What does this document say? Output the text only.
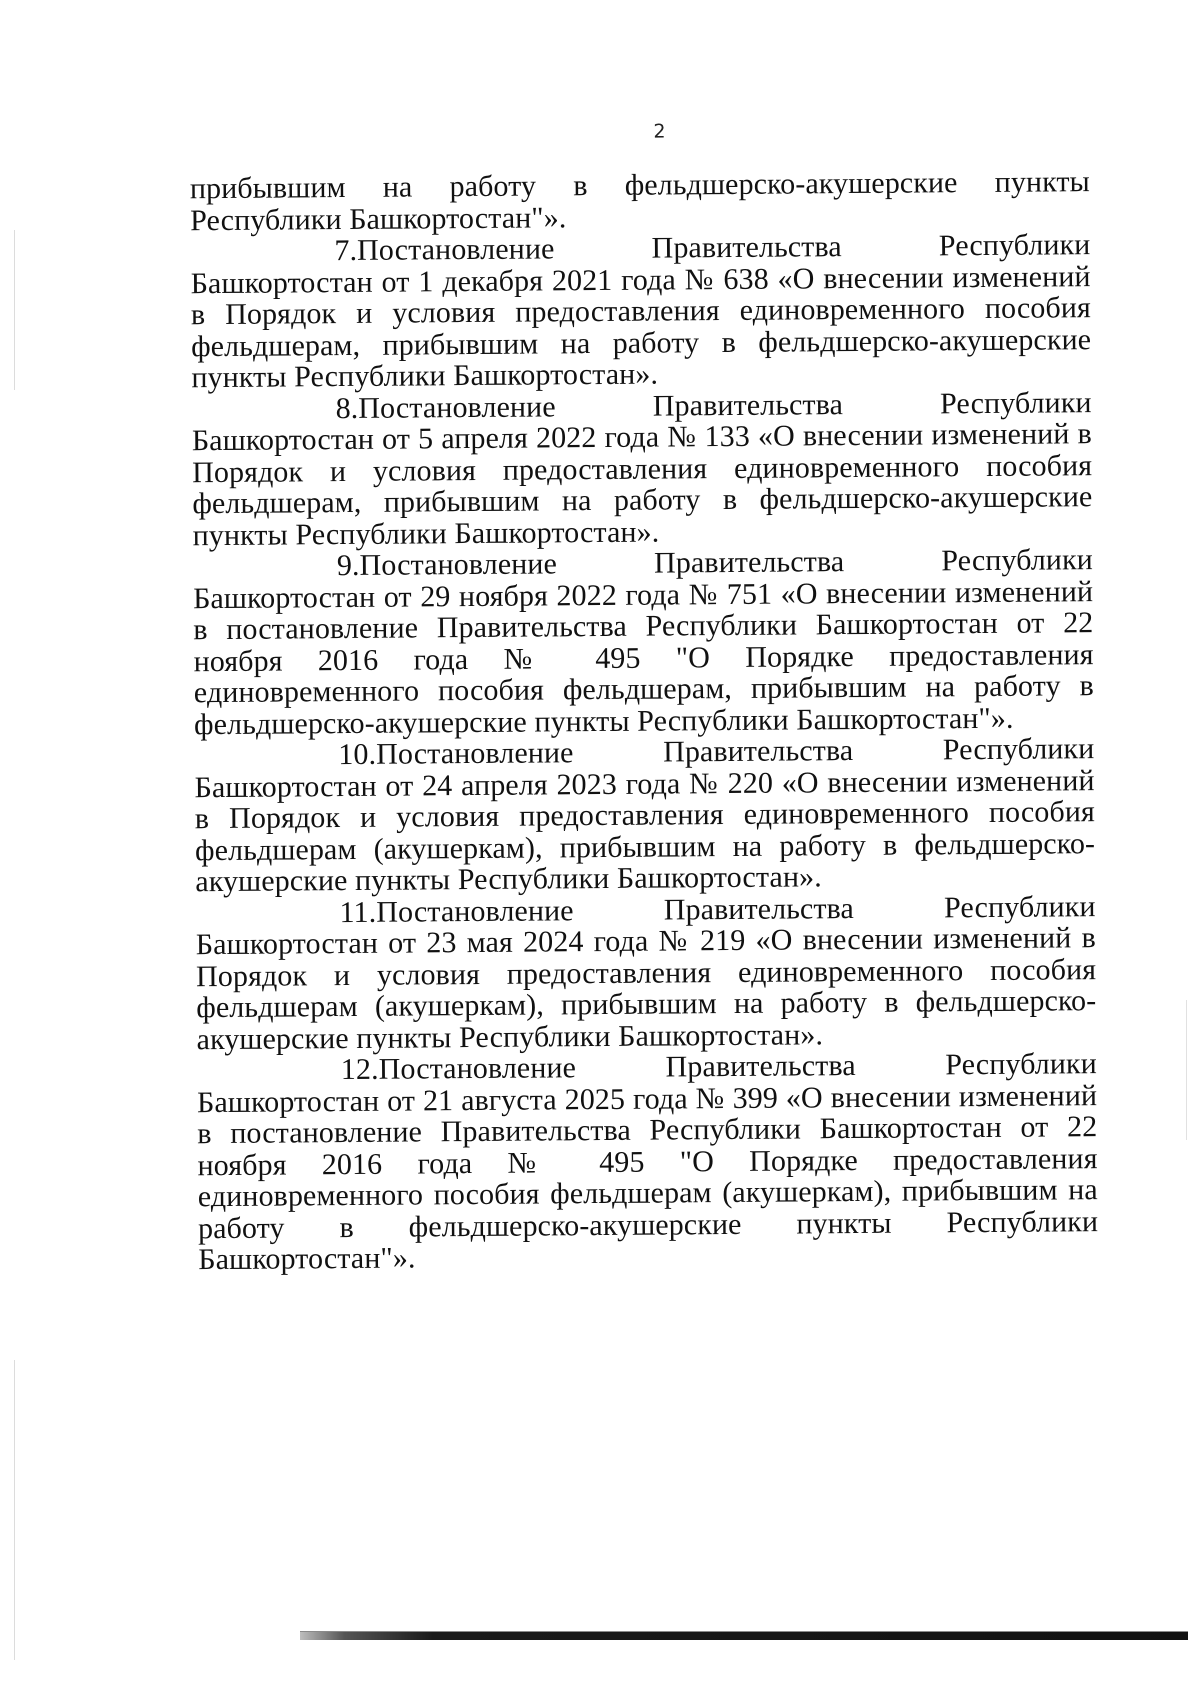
2

прибывшим на работу в фельдшерско-акушерские пункты Республики Башкортостан"».

7.Постановление Правительства Республики Башкортостан от 1 декабря 2021 года № 638 «О внесении изменений в Порядок и условия предоставления единовременного пособия фельдшерам, прибывшим на работу в фельдшерско-акушерские пункты Республики Башкортостан».

8.Постановление Правительства Республики Башкортостан от 5 апреля 2022 года № 133 «О внесении изменений в Порядок и условия предоставления единовременного пособия фельдшерам, прибывшим на работу в фельдшерско-акушерские пункты Республики Башкортостан».

9.Постановление Правительства Республики Башкортостан от 29 ноября 2022 года № 751 «О внесении изменений в постановление Правительства Республики Башкортостан от 22 ноября 2016 года № 495 "О Порядке предоставления единовременного пособия фельдшерам, прибывшим на работу в фельдшерско-акушерские пункты Республики Башкортостан"».

10.Постановление Правительства Республики Башкортостан от 24 апреля 2023 года № 220 «О внесении изменений в Порядок и условия предоставления единовременного пособия фельдшерам (акушеркам), прибывшим на работу в фельдшерско-акушерские пункты Республики Башкортостан».

11.Постановление Правительства Республики Башкортостан от 23 мая 2024 года № 219 «О внесении изменений в Порядок и условия предоставления единовременного пособия фельдшерам (акушеркам), прибывшим на работу в фельдшерско-акушерские пункты Республики Башкортостан».

12.Постановление Правительства Республики Башкортостан от 21 августа 2025 года № 399 «О внесении изменений в постановление Правительства Республики Башкортостан от 22 ноября 2016 года № 495 "О Порядке предоставления единовременного пособия фельдшерам (акушеркам), прибывшим на работу в фельдшерско-акушерские пункты Республики Башкортостан"».
